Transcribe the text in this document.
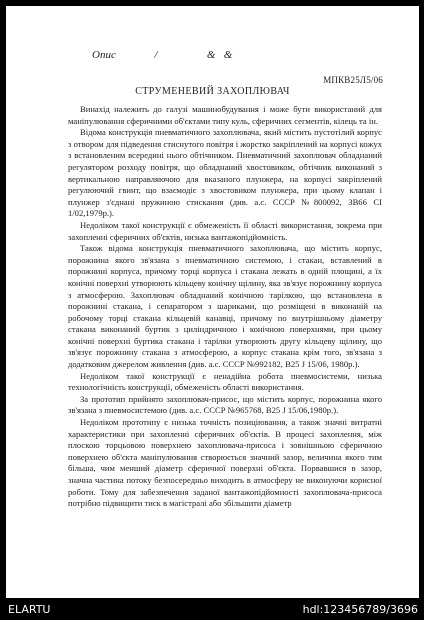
Опис              /                  &   &
МПКВ25Л5/06
СТРУМЕНЕВИЙ ЗАХОПЛЮВАЧ

Винахід належить до галузі машинобудування і може бути використаний для маніпулювання сферичними об'єктами типу куль, сферичних сегментів, кілець та ін.

Відома конструкція пневматичного захоплювача, який містить пустотілий корпус з отвором для підведення стиснутого повітря і жорстко закріплений на корпусі кожух з встановленим всередині нього обтічником. Пневматичний захоплювач обладнаний регулятором розходу повітря, що обладнаний хвостовиком, обтічник виконаний з вертикальною направляючою для вказаного плунжера, на корпусі закріплений регулюючий гвинт, що взаємодіє з хвостовиком плунжера, при цьому клапан і плунжер з'єднані пружиною стискання (див. а.с. СССР №800092, ЗВ66 СІ 1/02,1979р.).

Недоліком такої конструкції є обмеженість її області використання, зокрема при захопленні сферичних об'єктів, низька вантажопідйомність.

Також відома конструкція пневматичного захоплювача, що містить корпус, порожнина якого зв'язана з пневматичною системою, і стакан, вставлений в порожнині корпуса, причому торці корпуса і стакана лежать в одній площині, а їх конічні поверхні утворюють кільцеву конічну щілину, яка зв'язує порожнину корпуса з атмосферою. Захоплювач обладнаний конічною тарілкою, що встановлена в порожнині стакана, і сепаратором з шариками, що розміщені в виконаній на робочому торці стакана кільцевій канавці, причому по внутрішньому діаметру стакана виконаний буртик з циліндричною і конічною поверхнями, при цьому конічні поверхні буртика стакана і тарілки утворюють другу кільцеву щілину, що зв'язує порожнину стакана з атмосферою, а корпус стакана крім того, зв'язана з додатковим джерелом живлення (див. а.с. СССР №992182, В25 J 15/06, 1980р.).

Недоліком такої конструкції є ненадійна робота пневмосистеми, низька технологічність конструкції, обмеженість області використання.

За прототип прийнято захоплювач-присос, що містить корпус, порожнина якого зв'язана з пневмосистемою (див. а.с. СССР №965768, В25 J 15/06,1980р.).

Недоліком прототипу є низька точність позиціювання, а також значні витратні характеристики при захопленні сферичних об'єктів. В процесі захоплення, між плоскою торцьовою поверхнею захоплювача-присоса і зовнішньою сферичною поверхнею об'єкта маніпулювання створюється значний зазор, величина якого тим більша, чим менший діаметр сферичної поверхні об'єкта. Порвавшися в зазор, значна частина потоку безпосередньо виходить в атмосферу не виконуючи корисної роботи. Тому для забезпечення заданої вантажопідйомності захоплювача-присоса потрібно підвищити тиск в магістралі або збільшити діаметр

ELARTU	hdl:123456789/3696
